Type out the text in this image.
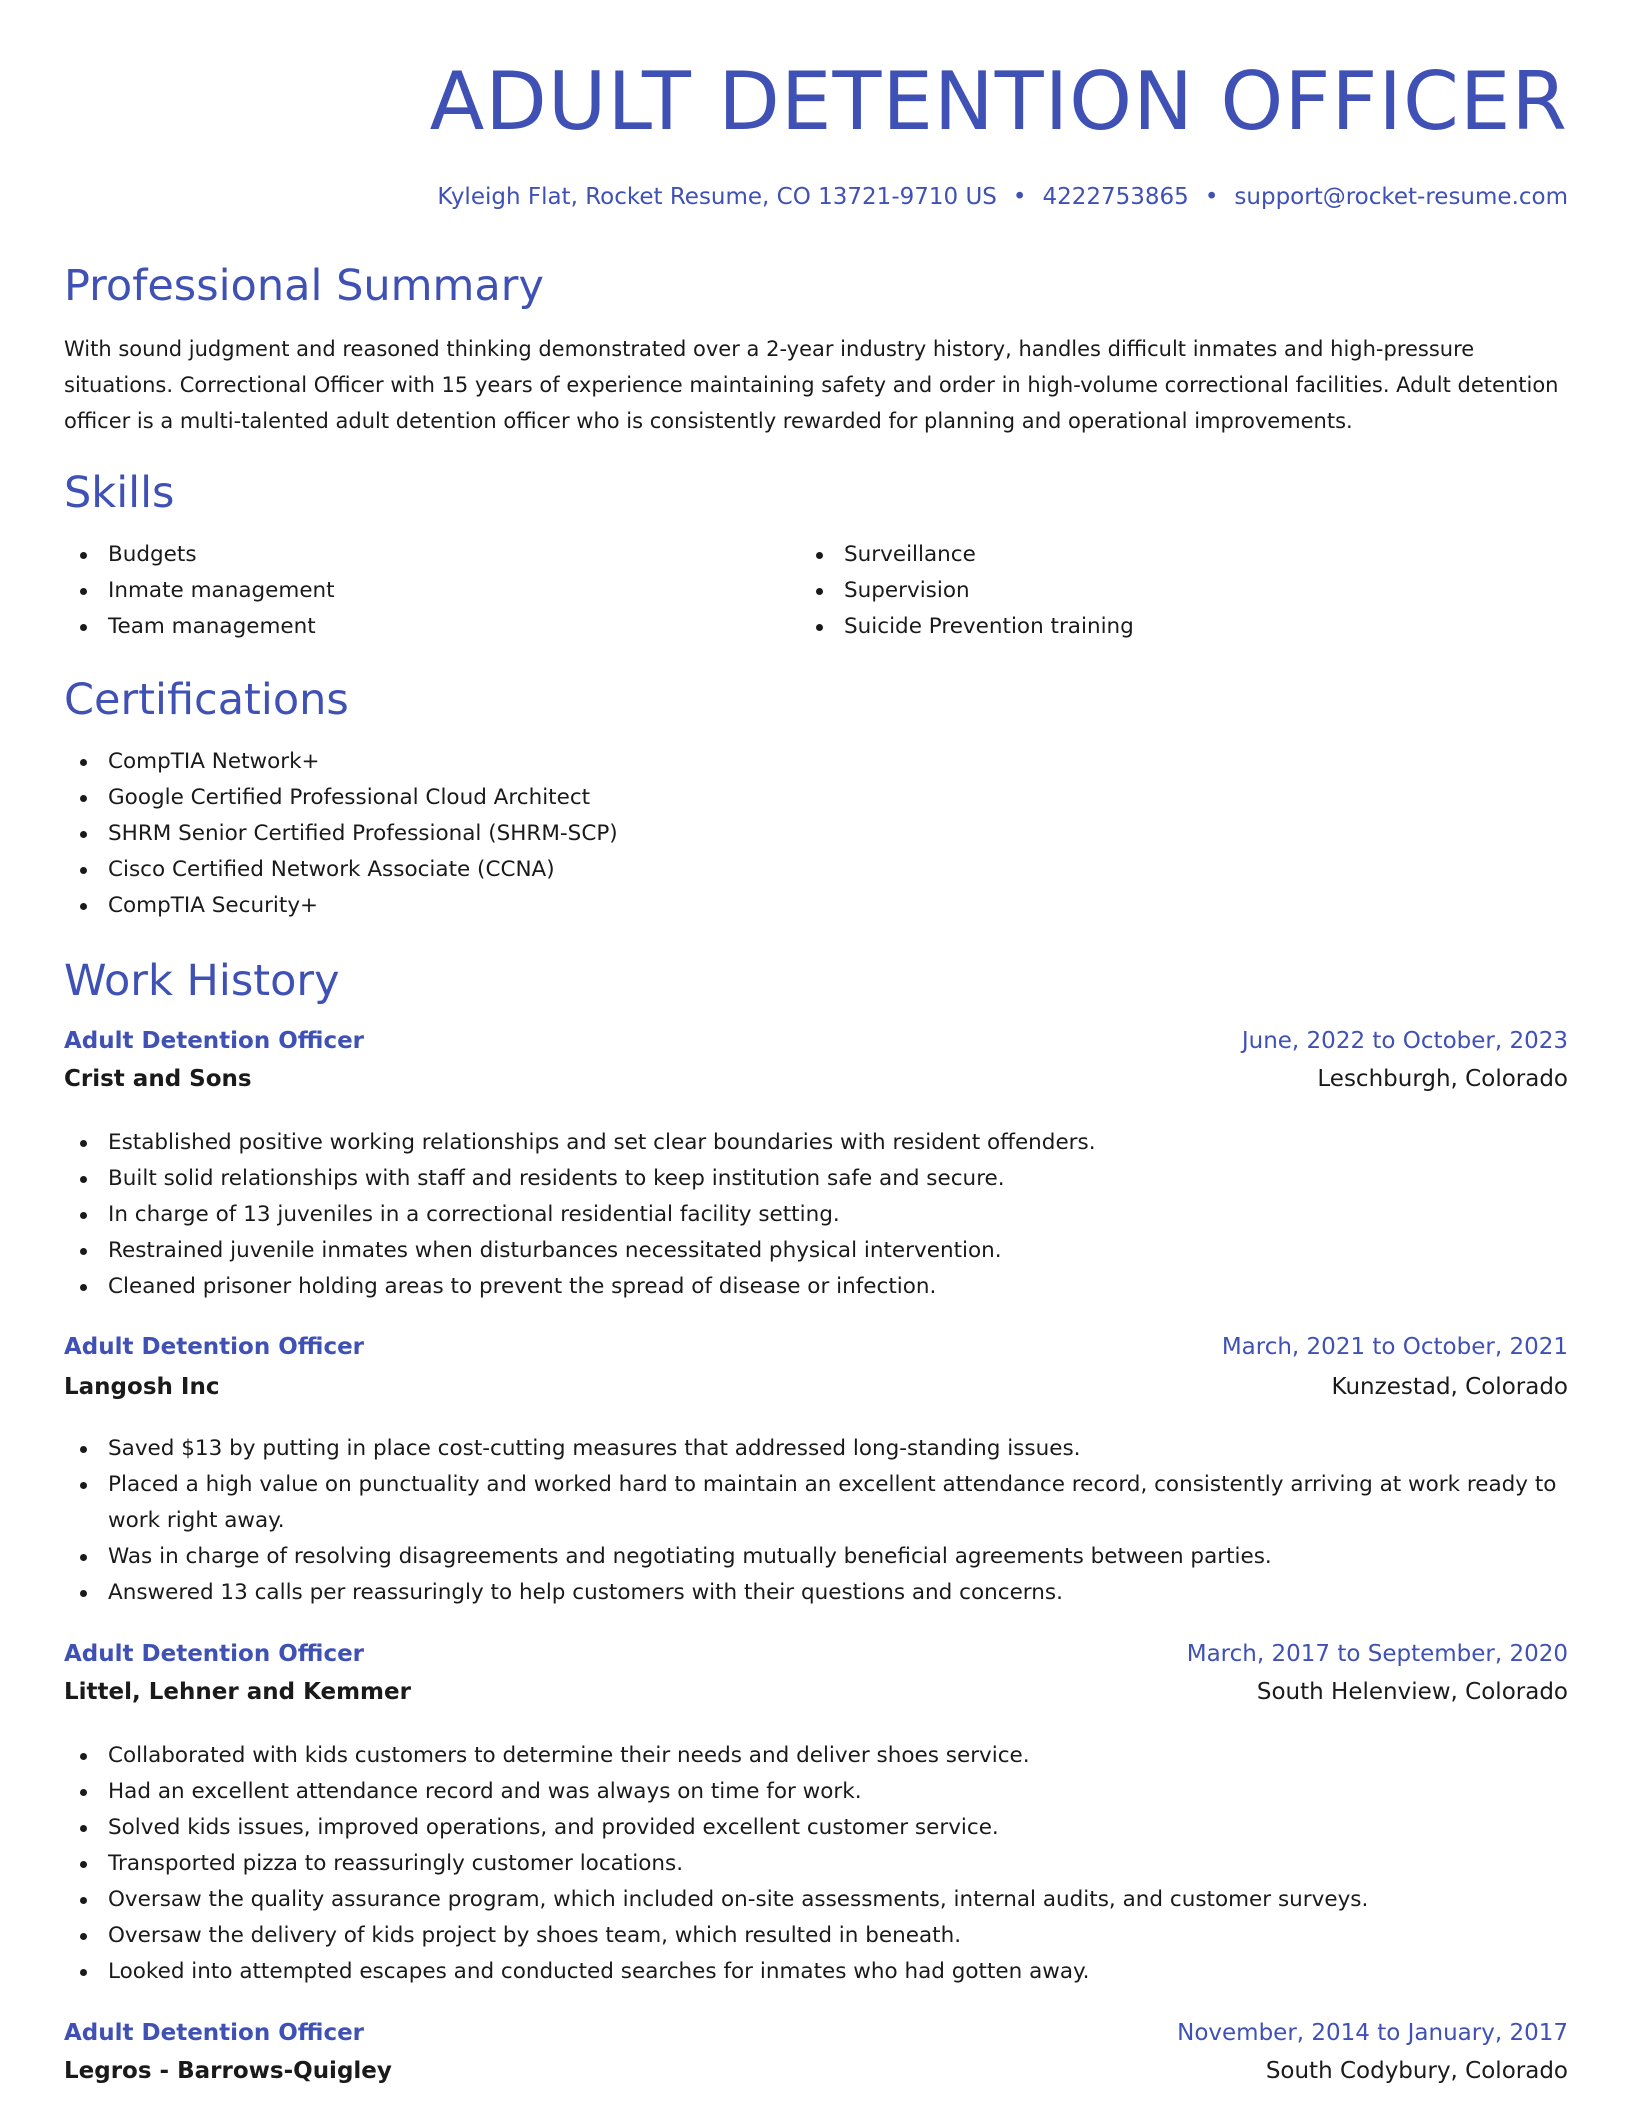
ADULT DETENTION OFFICER
Kyleigh Flat, Rocket Resume, CO 13721-9710 US • 4222753865 • support@rocket-resume.com
Professional Summary
With sound judgment and reasoned thinking demonstrated over a 2-year industry history, handles difficult inmates and high-pressure situations. Correctional Officer with 15 years of experience maintaining safety and order in high-volume correctional facilities. Adult detention officer is a multi-talented adult detention officer who is consistently rewarded for planning and operational improvements.
Skills
Budgets
Inmate management
Team management
Surveillance
Supervision
Suicide Prevention training
Certifications
CompTIA Network+
Google Certified Professional Cloud Architect
SHRM Senior Certified Professional (SHRM-SCP)
Cisco Certified Network Associate (CCNA)
CompTIA Security+
Work History
Adult Detention Officer	June, 2022 to October, 2023
Crist and Sons	Leschburgh, Colorado
Established positive working relationships and set clear boundaries with resident offenders.
Built solid relationships with staff and residents to keep institution safe and secure.
In charge of 13 juveniles in a correctional residential facility setting.
Restrained juvenile inmates when disturbances necessitated physical intervention.
Cleaned prisoner holding areas to prevent the spread of disease or infection.
Adult Detention Officer	March, 2021 to October, 2021
Langosh Inc	Kunzestad, Colorado
Saved $13 by putting in place cost-cutting measures that addressed long-standing issues.
Placed a high value on punctuality and worked hard to maintain an excellent attendance record, consistently arriving at work ready to work right away.
Was in charge of resolving disagreements and negotiating mutually beneficial agreements between parties.
Answered 13 calls per reassuringly to help customers with their questions and concerns.
Adult Detention Officer	March, 2017 to September, 2020
Littel, Lehner and Kemmer	South Helenview, Colorado
Collaborated with kids customers to determine their needs and deliver shoes service.
Had an excellent attendance record and was always on time for work.
Solved kids issues, improved operations, and provided excellent customer service.
Transported pizza to reassuringly customer locations.
Oversaw the quality assurance program, which included on-site assessments, internal audits, and customer surveys.
Oversaw the delivery of kids project by shoes team, which resulted in beneath.
Looked into attempted escapes and conducted searches for inmates who had gotten away.
Adult Detention Officer	November, 2014 to January, 2017
Legros - Barrows-Quigley	South Codybury, Colorado
